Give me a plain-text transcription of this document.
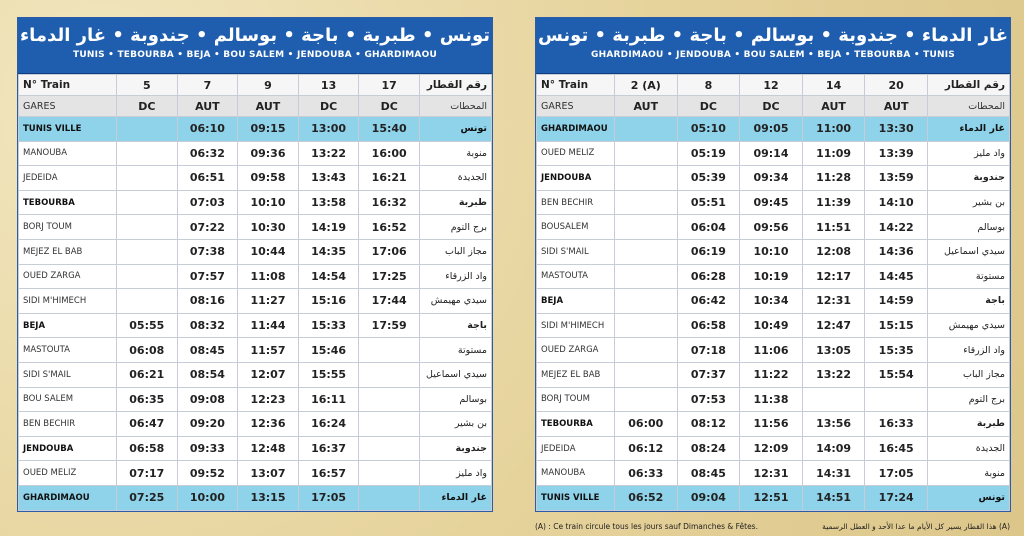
تونس • طبربة • باجة • بوسالم • جندوبة • غار الدماء
TUNIS • TEBOURBA • BEJA • BOU SALEM • JENDOUBA • GHARDIMAOU
N° Train	5	7	9	13	17	رقم القطار
GARES	DC	AUT	AUT	DC	DC	المحطات
TUNIS VILLE		06:10	09:15	13:00	15:40	تونس
MANOUBA		06:32	09:36	13:22	16:00	منوبة
JEDEIDA		06:51	09:58	13:43	16:21	الجديدة
TEBOURBA		07:03	10:10	13:58	16:32	طبربة
BORJ TOUM		07:22	10:30	14:19	16:52	برج التوم
MEJEZ EL BAB		07:38	10:44	14:35	17:06	مجاز الباب
OUED ZARGA		07:57	11:08	14:54	17:25	واد الزرقاء
SIDI M'HIMECH		08:16	11:27	15:16	17:44	سيدي مهيمش
BEJA	05:55	08:32	11:44	15:33	17:59	باجة
MASTOUTA	06:08	08:45	11:57	15:46		مستوتة
SIDI S'MAIL	06:21	08:54	12:07	15:55		سيدي اسماعيل
BOU SALEM	06:35	09:08	12:23	16:11		بوسالم
BEN BECHIR	06:47	09:20	12:36	16:24		بن بشير
JENDOUBA	06:58	09:33	12:48	16:37		جندوبة
OUED MELIZ	07:17	09:52	13:07	16:57		واد مليز
GHARDIMAOU	07:25	10:00	13:15	17:05		غار الدماء
غار الدماء • جندوبة • بوسالم • باجة • طبربة • تونس
GHARDIMAOU • JENDOUBA • BOU SALEM • BEJA • TEBOURBA • TUNIS
N° Train	2 (A)	8	12	14	20	رقم القطار
GARES	AUT	DC	DC	AUT	AUT	المحطات
GHARDIMAOU		05:10	09:05	11:00	13:30	غار الدماء
OUED MELIZ		05:19	09:14	11:09	13:39	واد مليز
JENDOUBA		05:39	09:34	11:28	13:59	جندوبة
BEN BECHIR		05:51	09:45	11:39	14:10	بن بشير
BOUSALEM		06:04	09:56	11:51	14:22	بوسالم
SIDI S'MAIL		06:19	10:10	12:08	14:36	سيدي اسماعيل
MASTOUTA		06:28	10:19	12:17	14:45	مستوتة
BEJA		06:42	10:34	12:31	14:59	باجة
SIDI M'HIMECH		06:58	10:49	12:47	15:15	سيدي مهيمش
OUED ZARGA		07:18	11:06	13:05	15:35	واد الزرقاء
MEJEZ EL BAB		07:37	11:22	13:22	15:54	مجاز الباب
BORJ TOUM		07:53	11:38			برج التوم
TEBOURBA	06:00	08:12	11:56	13:56	16:33	طبربة
JEDEIDA	06:12	08:24	12:09	14:09	16:45	الجديدة
MANOUBA	06:33	08:45	12:31	14:31	17:05	منوبة
TUNIS VILLE	06:52	09:04	12:51	14:51	17:24	تونس
(A) : Ce train circule tous les jours sauf Dimanches & Fêtes.	(A) هذا القطار يسير كل الأيام ما عدا الأحد و العطل الرسمية
